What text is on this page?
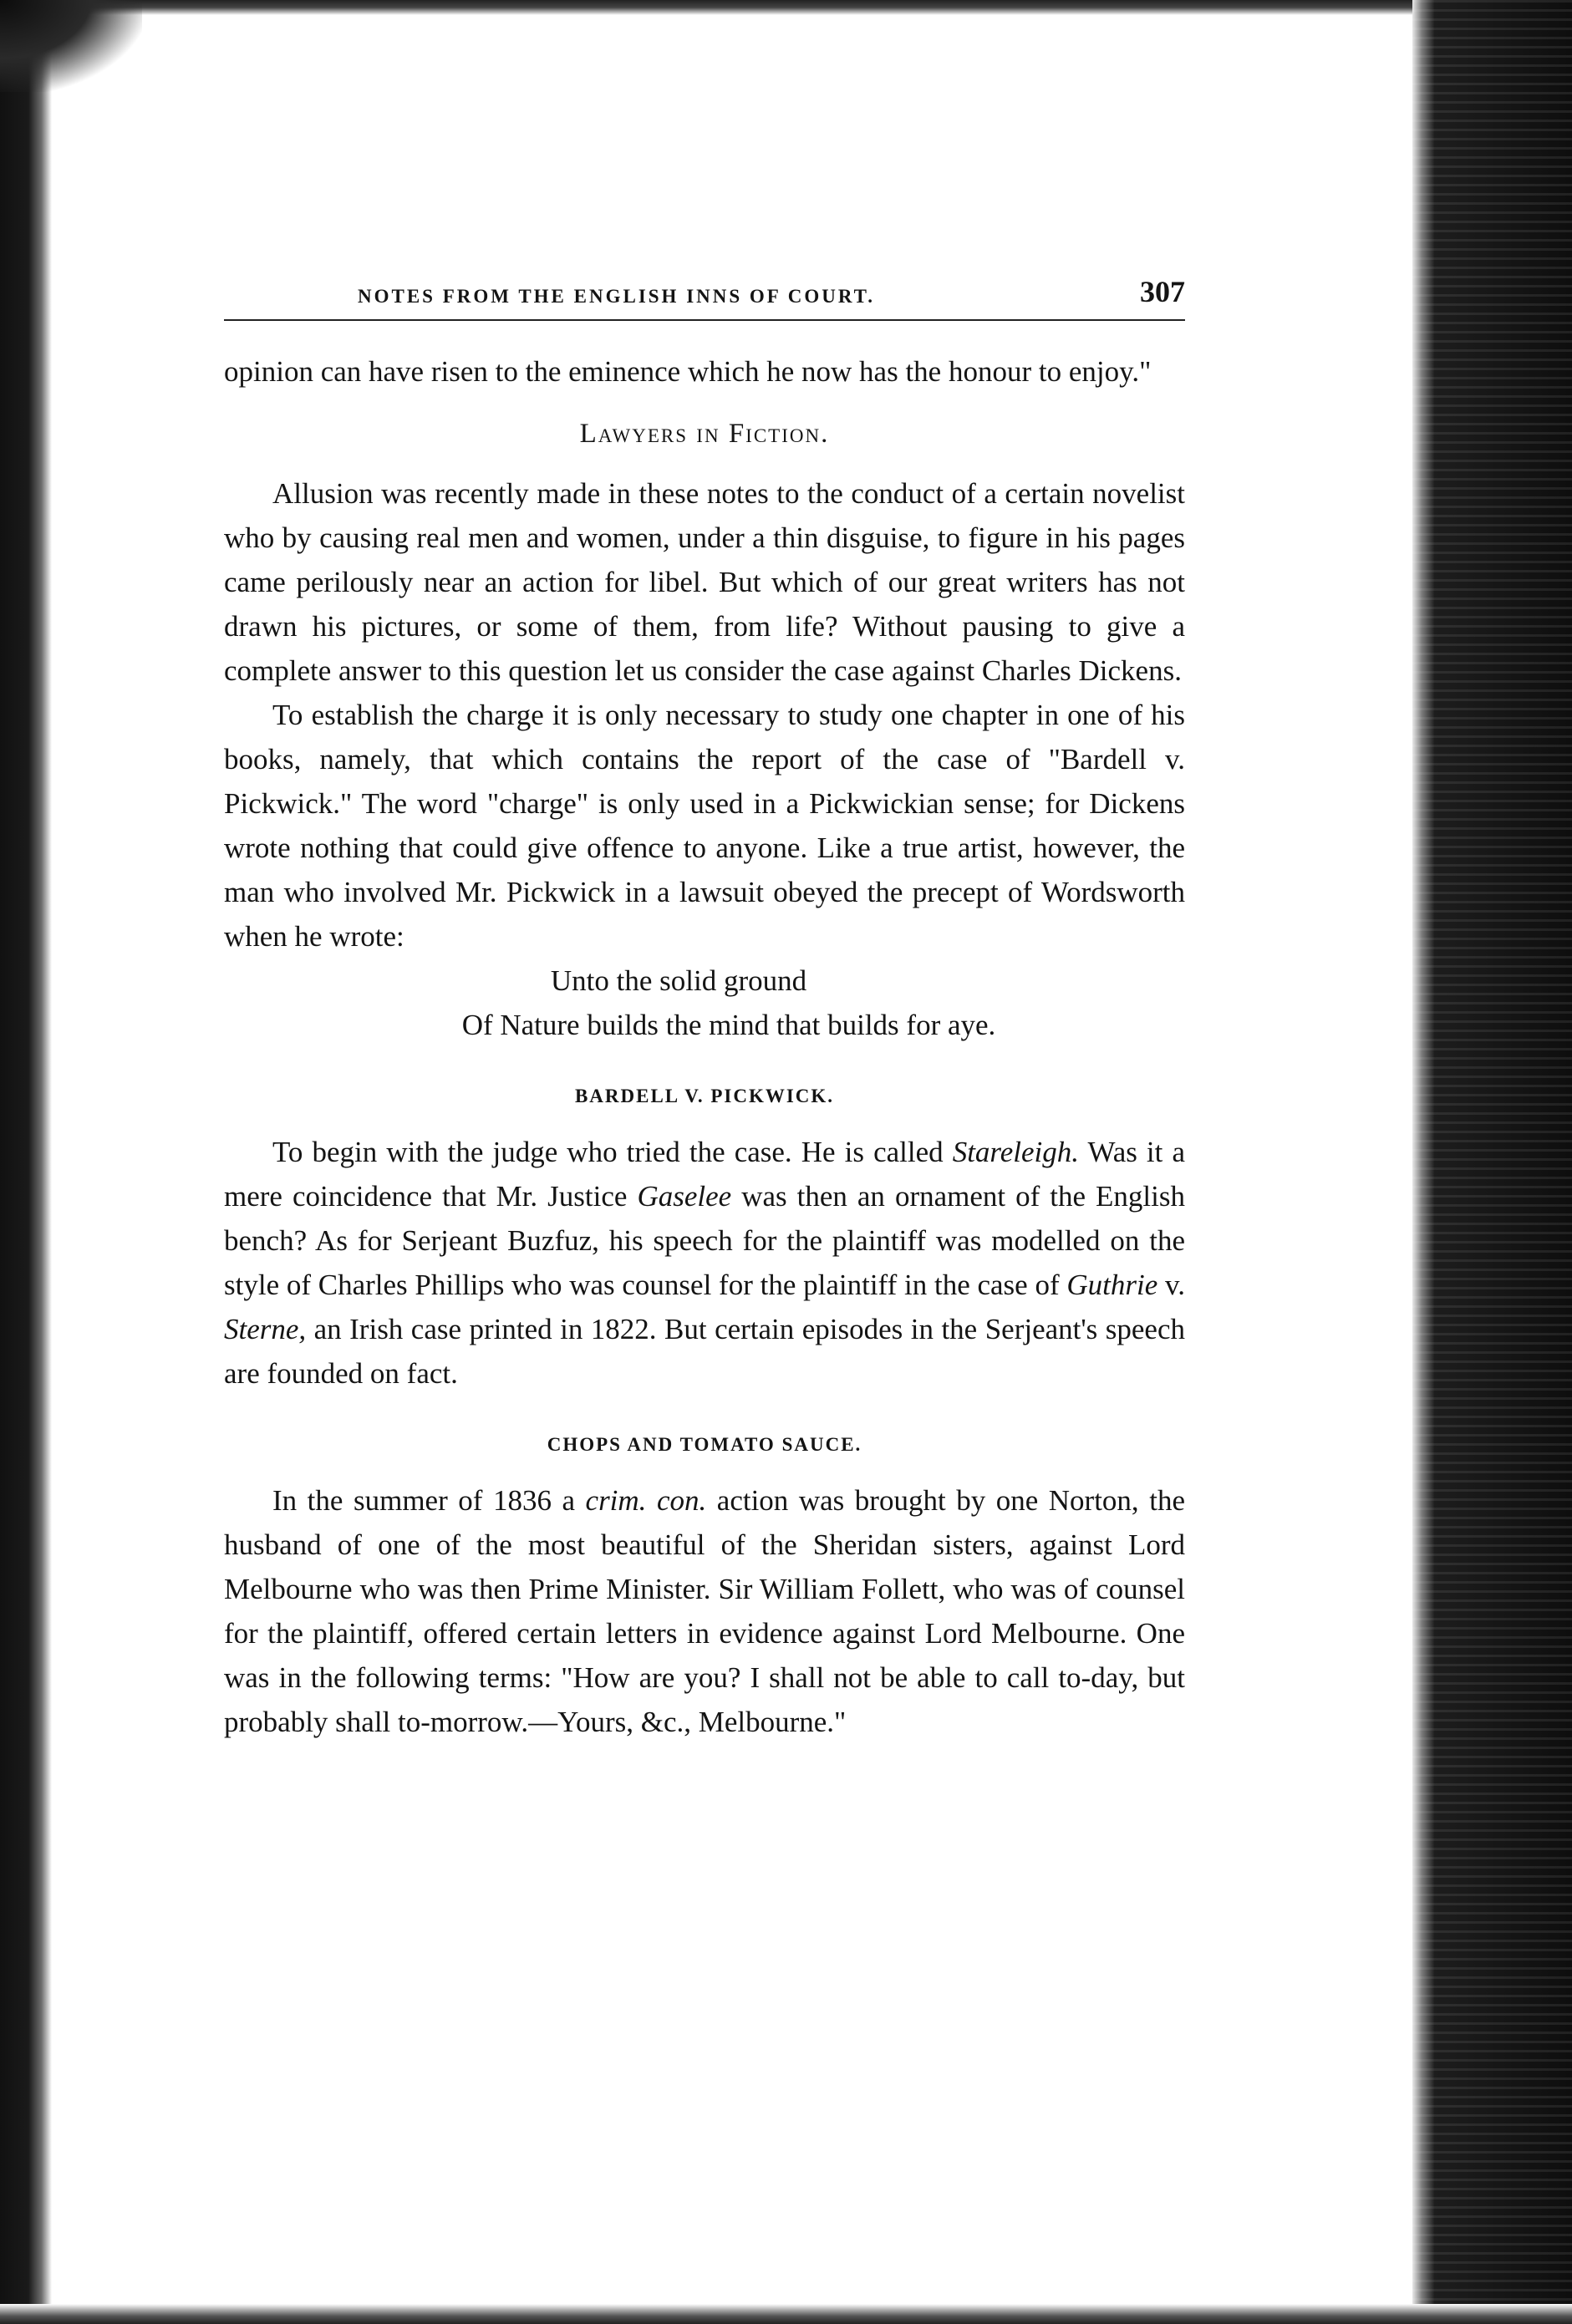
NOTES FROM THE ENGLISH INNS OF COURT.	307

opinion can have risen to the eminence which he now has the honour to enjoy."

Lawyers in Fiction.

Allusion was recently made in these notes to the conduct of a certain novelist who by causing real men and women, under a thin disguise, to figure in his pages came perilously near an action for libel. But which of our great writers has not drawn his pictures, or some of them, from life? Without pausing to give a complete answer to this question let us consider the case against Charles Dickens.

To establish the charge it is only necessary to study one chapter in one of his books, namely, that which contains the report of the case of "Bardell v. Pickwick." The word "charge" is only used in a Pickwickian sense; for Dickens wrote nothing that could give offence to anyone. Like a true artist, however, the man who involved Mr. Pickwick in a lawsuit obeyed the precept of Wordsworth when he wrote:

Unto the solid ground
Of Nature builds the mind that builds for aye.

BARDELL V. PICKWICK.

To begin with the judge who tried the case. He is called Stareleigh. Was it a mere coincidence that Mr. Justice Gaselee was then an ornament of the English bench? As for Serjeant Buzfuz, his speech for the plaintiff was modelled on the style of Charles Phillips who was counsel for the plaintiff in the case of Guthrie v. Sterne, an Irish case printed in 1822. But certain episodes in the Serjeant's speech are founded on fact.

CHOPS AND TOMATO SAUCE.

In the summer of 1836 a crim. con. action was brought by one Norton, the husband of one of the most beautiful of the Sheridan sisters, against Lord Melbourne who was then Prime Minister. Sir William Follett, who was of counsel for the plaintiff, offered certain letters in evidence against Lord Melbourne. One was in the following terms: "How are you? I shall not be able to call to-day, but probably shall to-morrow.—Yours, &c., Melbourne."
